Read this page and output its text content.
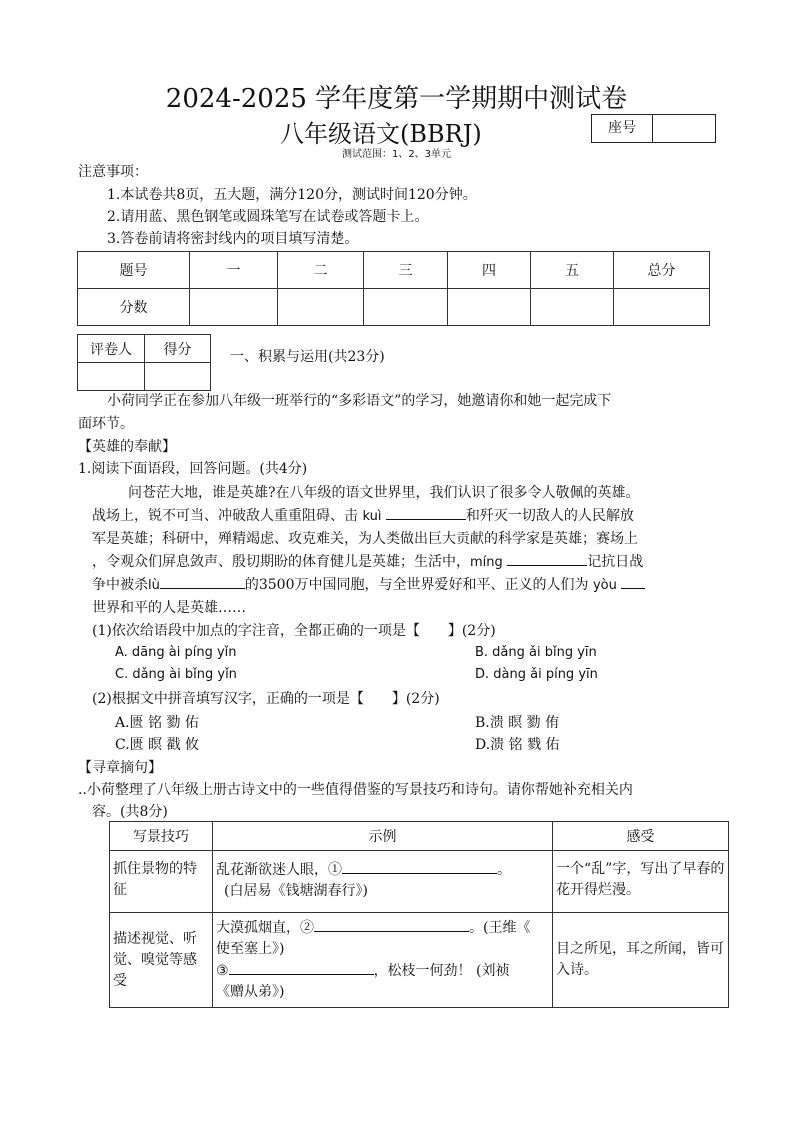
2024-2025 学年度第一学期期中测试卷
八年级语文(BBRJ)	座号
测试范围：1、2、3单元
注意事项：
1.本试卷共8页，五大题，满分120分，测试时间120分钟。
2.请用蓝、黑色钢笔或圆珠笔写在试卷或答题卡上。
3.答卷前请将密封线内的项目填写清楚。
题号	一	二	三	四	五	总分
分数						
评卷人	得分
		一、积累与运用(共23分)
小荷同学正在参加八年级一班举行的“多彩语文”的学习，她邀请你和她一起完成下
面环节。
【英雄的奉献】
1.阅读下面语段，回答问题。(共4分)
问苍茫大地，谁是英雄?在八年级的语文世界里，我们认识了很多令人敬佩的英雄。
战场上，锐不可当、冲破敌人重重阻碍、击 kuì	和歼灭一切敌人的人民解放
军是英雄；科研中，殚精竭虑、攻克难关，为人类做出巨大贡献的科学家是英雄；赛场上
，令观众们屏息敛声、殷切期盼的体育健儿是英雄；生活中，míng	记抗日战
争中被杀lù	的3500万中国同胞，与全世界爱好和平、正义的人们为 yòu
世界和平的人是英雄……
(1)依次给语段中加点的字注音，全都正确的一项是【　　】(2分)
A. dāng ài píng yǐn	B. dǎng ǎi bǐng yīn
C. dǎng ài bǐng yǐn	D. dàng ǎi píng yīn
(2)根据文中拼音填写汉字，正确的一项是【　　】(2分)
A.匮 铭 勠 佑	B.溃 瞑 勠 侑
C.匮 瞑 戳 攸	D.溃 铭 戮 佑
【寻章摘句】
..小荷整理了八年级上册古诗文中的一些值得借鉴的写景技巧和诗句。请你帮她补充相关内
容。(共8分)
写景技巧	示例	感受
抓住景物的特征	乱花渐欲迷人眼，① 。
(白居易《钱塘湖春行》)	一个“乱”字，写出了早春的花开得烂漫。
描述视觉、听觉、嗅觉等感受	大漠孤烟直，② 。(王维《
使至塞上》)
③ ，松枝一何劲！ (刘祯
《赠从弟》)	目之所见，耳之所闻，皆可入诗。
